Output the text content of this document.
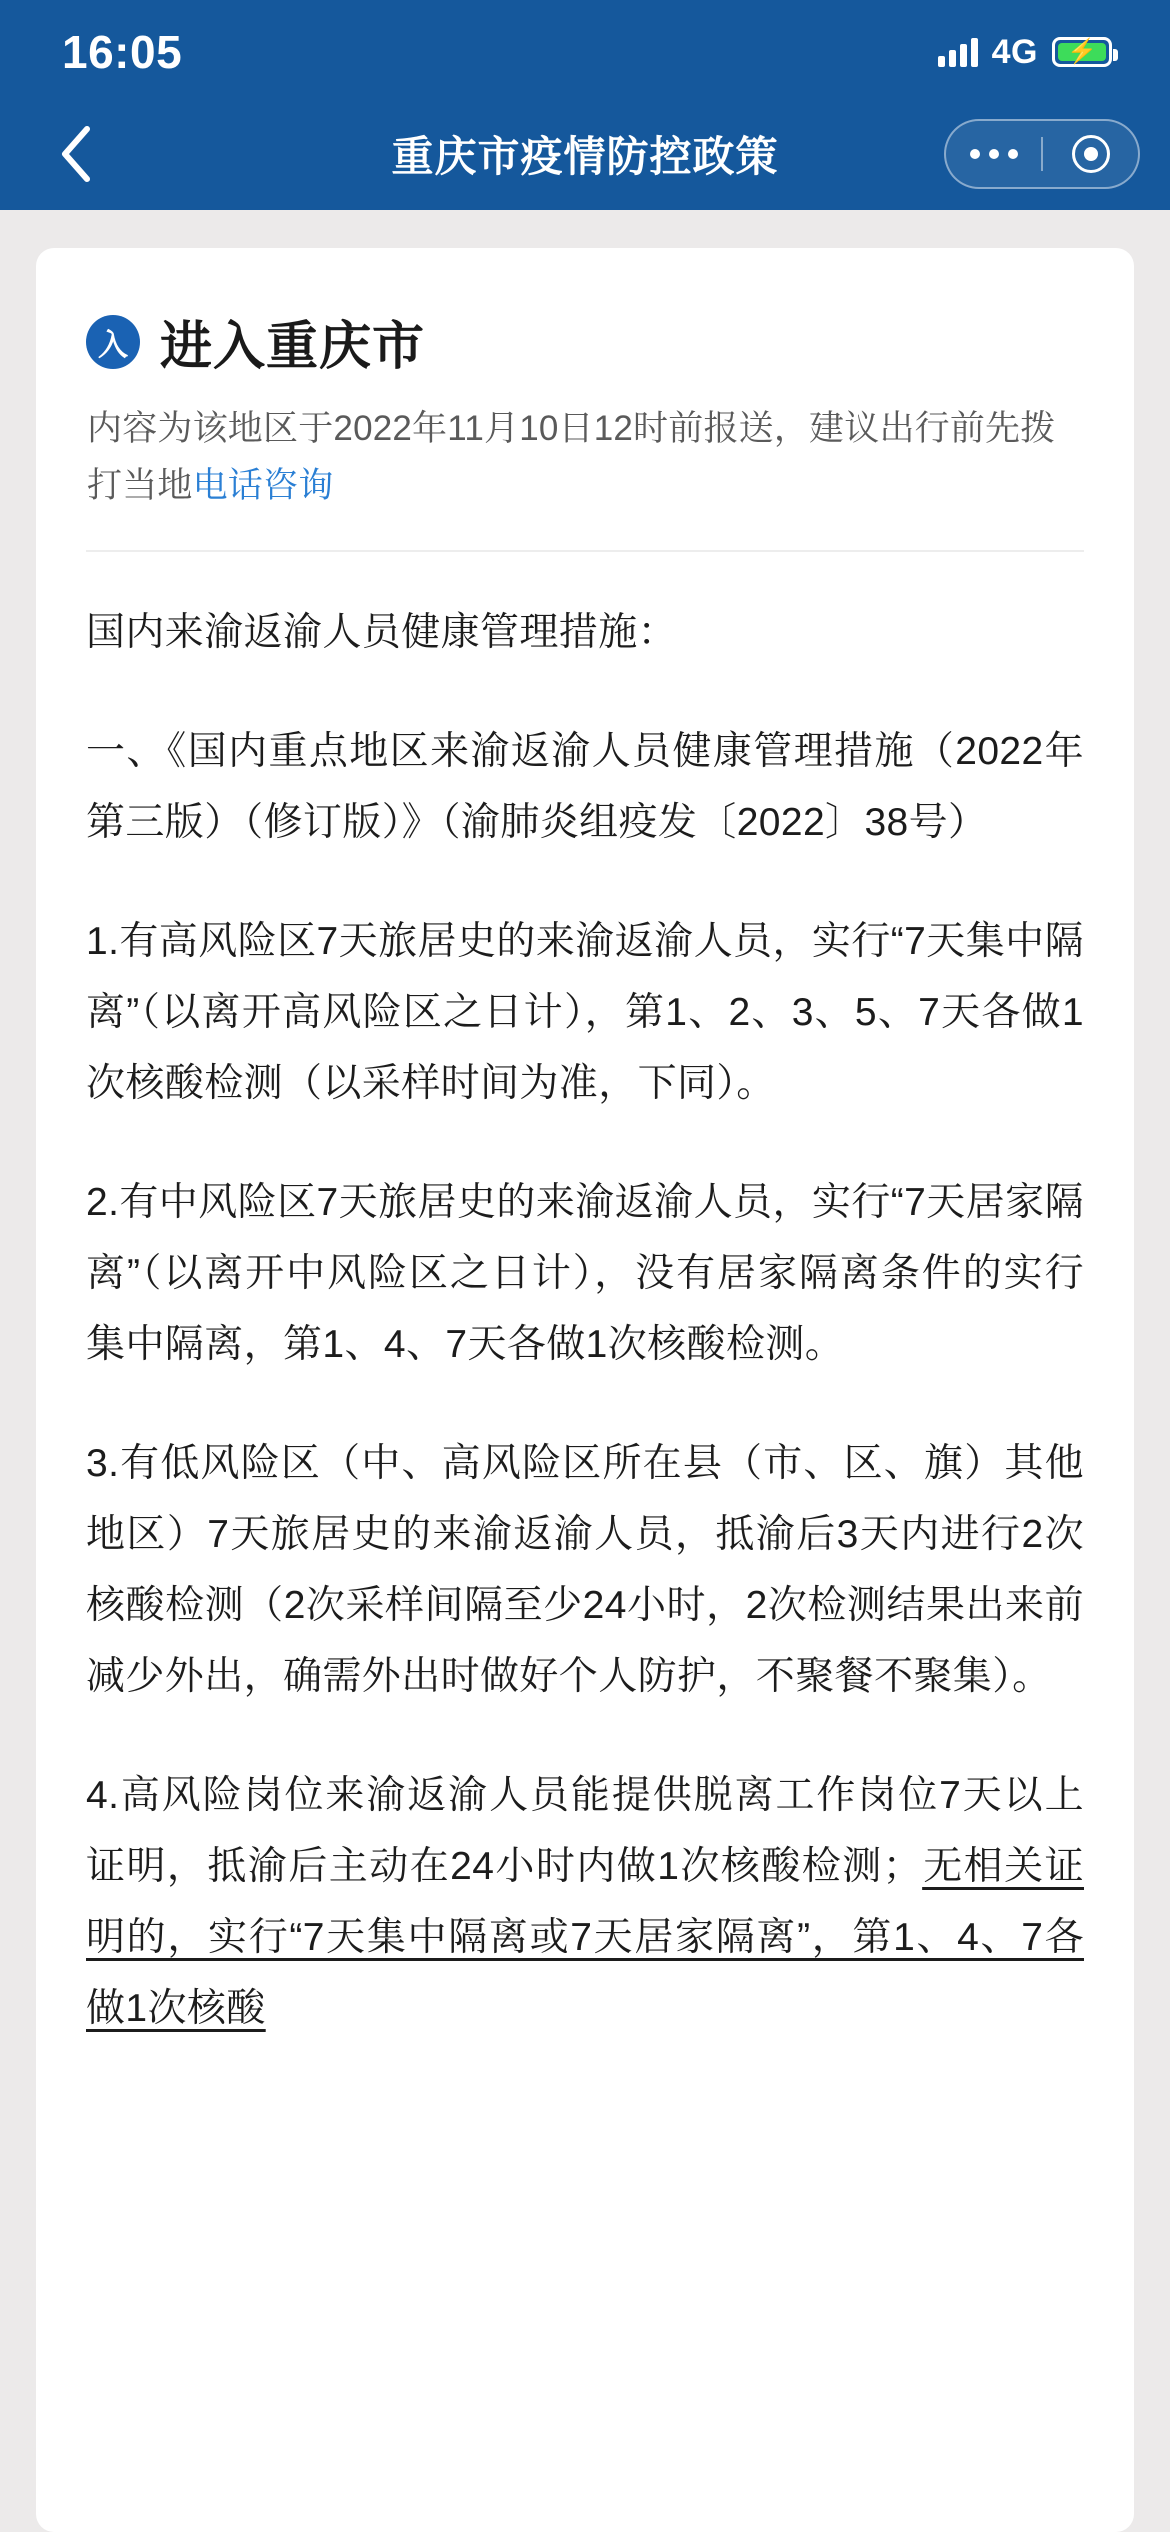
16:05	4G ⚡
重庆市疫情防控政策
入 进入重庆市
内容为该地区于2022年11月10日12时前报送，建议出行前先拨打当地电话咨询

国内来渝返渝人员健康管理措施：

一、《国内重点地区来渝返渝人员健康管理措施（2022年第三版）（修订版）》（渝肺炎组疫发〔2022〕38号）

1.有高风险区7天旅居史的来渝返渝人员，实行“7天集中隔离”（以离开高风险区之日计），第1、2、3、5、7天各做1次核酸检测（以采样时间为准，下同）。

2.有中风险区7天旅居史的来渝返渝人员，实行“7天居家隔离”（以离开中风险区之日计），没有居家隔离条件的实行集中隔离，第1、4、7天各做1次核酸检测。

3.有低风险区（中、高风险区所在县（市、区、旗）其他地区）7天旅居史的来渝返渝人员，抵渝后3天内进行2次核酸检测（2次采样间隔至少24小时，2次检测结果出来前减少外出，确需外出时做好个人防护，不聚餐不聚集）。

4.高风险岗位来渝返渝人员能提供脱离工作岗位7天以上证明，抵渝后主动在24小时内做1次核酸检测；无相关证明的，实行“7天集中隔离或7天居家隔离”，第1、4、7各做1次核酸
